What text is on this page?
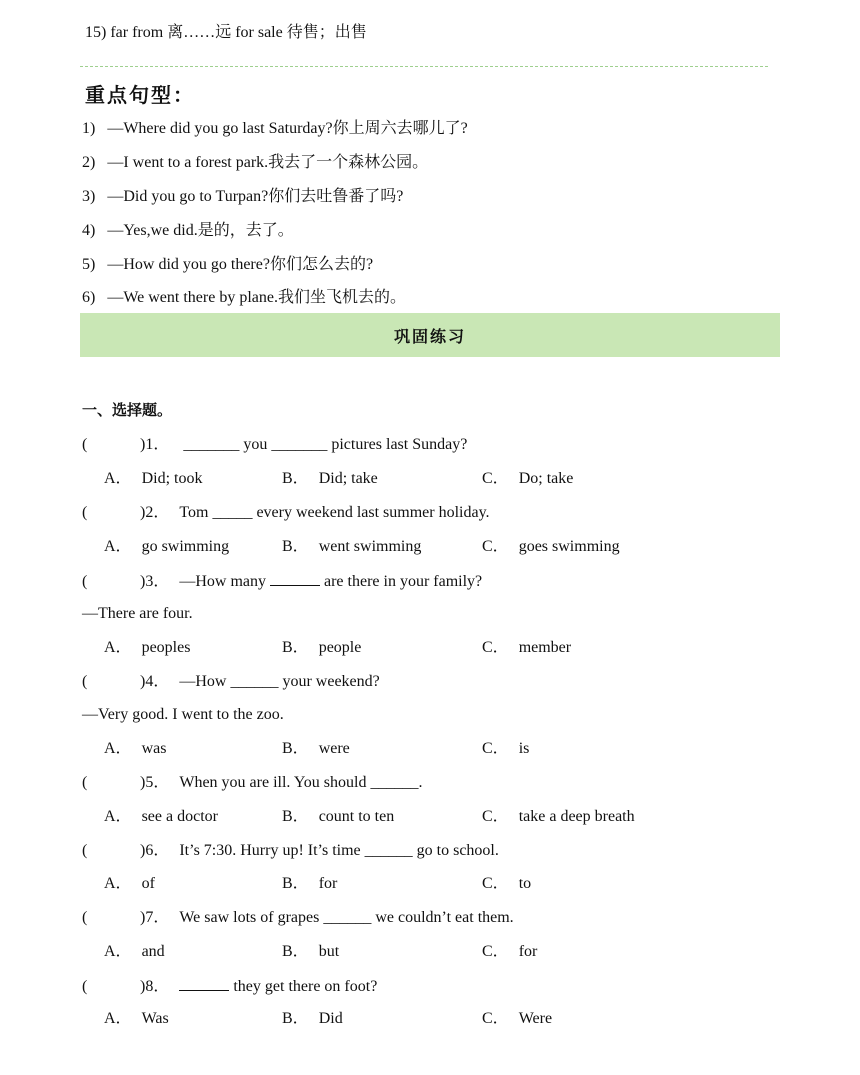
15) far from 离……远 for sale 待售；出售
重点句型：
1) —Where did you go last Saturday?你上周六去哪儿了?
2) —I went to a forest park.我去了一个森林公园。
3) —Did you go to Turpan?你们去吐鲁番了吗?
4)   —Yes,we did.是的，去了。
5)   —How did you go there?你们怎么去的?
6) —We went there by plane.我们坐飞机去的。
巩固练习
一、选择题。
(	)1． _______ you _______ pictures last Sunday?
A． Did; took	B． Did; take	C． Do; take
(	)2． Tom _____ every weekend last summer holiday.
A． go swimming	B． went swimming	C． goes swimming
(	)3． —How many	are there in your family?
—There are four.
A． peoples	B． people	C． member
(	)4． —How ______ your weekend?
—Very good. I went to the zoo.
A． was	B． were	C． is
(	)5． When you are ill. You should ______.
A． see a doctor	B． count to ten	C． take a deep breath
(	)6． It’s 7:30. Hurry up! It’s time ______ go to school.
A． of	B． for	C． to
(	)7． We saw lots of grapes ______ we couldn’t eat them.
A． and	B． but	C． for
(	)8．	they get there on foot?
A． Was	B． Did	C． Were
